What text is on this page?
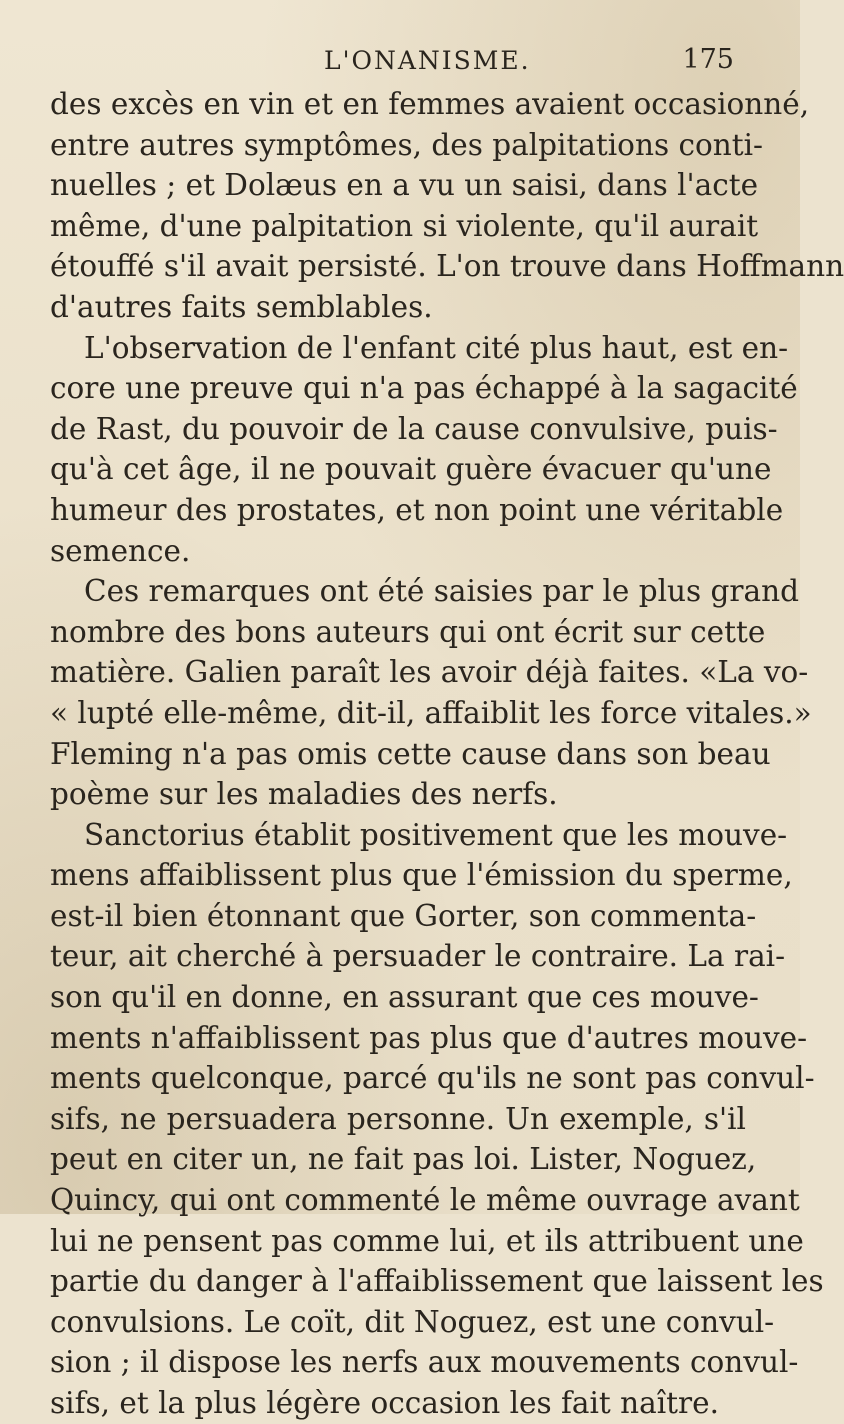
L'ONANISME.	175
des excès en vin et en femmes avaient occasionné,
entre autres symptômes, des palpitations conti-
nuelles ; et Dolæus en a vu un saisi, dans l'acte
même, d'une palpitation si violente, qu'il aurait
étouffé s'il avait persisté. L'on trouve dans Hoffmann
d'autres faits semblables.
L'observation de l'enfant cité plus haut, est en-
core une preuve qui n'a pas échappé à la sagacité
de Rast, du pouvoir de la cause convulsive, puis-
qu'à cet âge, il ne pouvait guère évacuer qu'une
humeur des prostates, et non point une véritable
semence.
Ces remarques ont été saisies par le plus grand
nombre des bons auteurs qui ont écrit sur cette
matière. Galien paraît les avoir déjà faites. «La vo-
« lupté elle-même, dit-il, affaiblit les force vitales.»
Fleming n'a pas omis cette cause dans son beau
poème sur les maladies des nerfs.
Sanctorius établit positivement que les mouve-
mens affaiblissent plus que l'émission du sperme,
est-il bien étonnant que Gorter, son commenta-
teur, ait cherché à persuader le contraire. La rai-
son qu'il en donne, en assurant que ces mouve-
ments n'affaiblissent pas plus que d'autres mouve-
ments quelconque, parcé qu'ils ne sont pas convul-
sifs, ne persuadera personne. Un exemple, s'il
peut en citer un, ne fait pas loi. Lister, Noguez,
Quincy, qui ont commenté le même ouvrage avant
lui ne pensent pas comme lui, et ils attribuent une
partie du danger à l'affaiblissement que laissent les
convulsions. Le coït, dit Noguez, est une convul-
sion ; il dispose les nerfs aux mouvements convul-
sifs, et la plus légère occasion les fait naître.
